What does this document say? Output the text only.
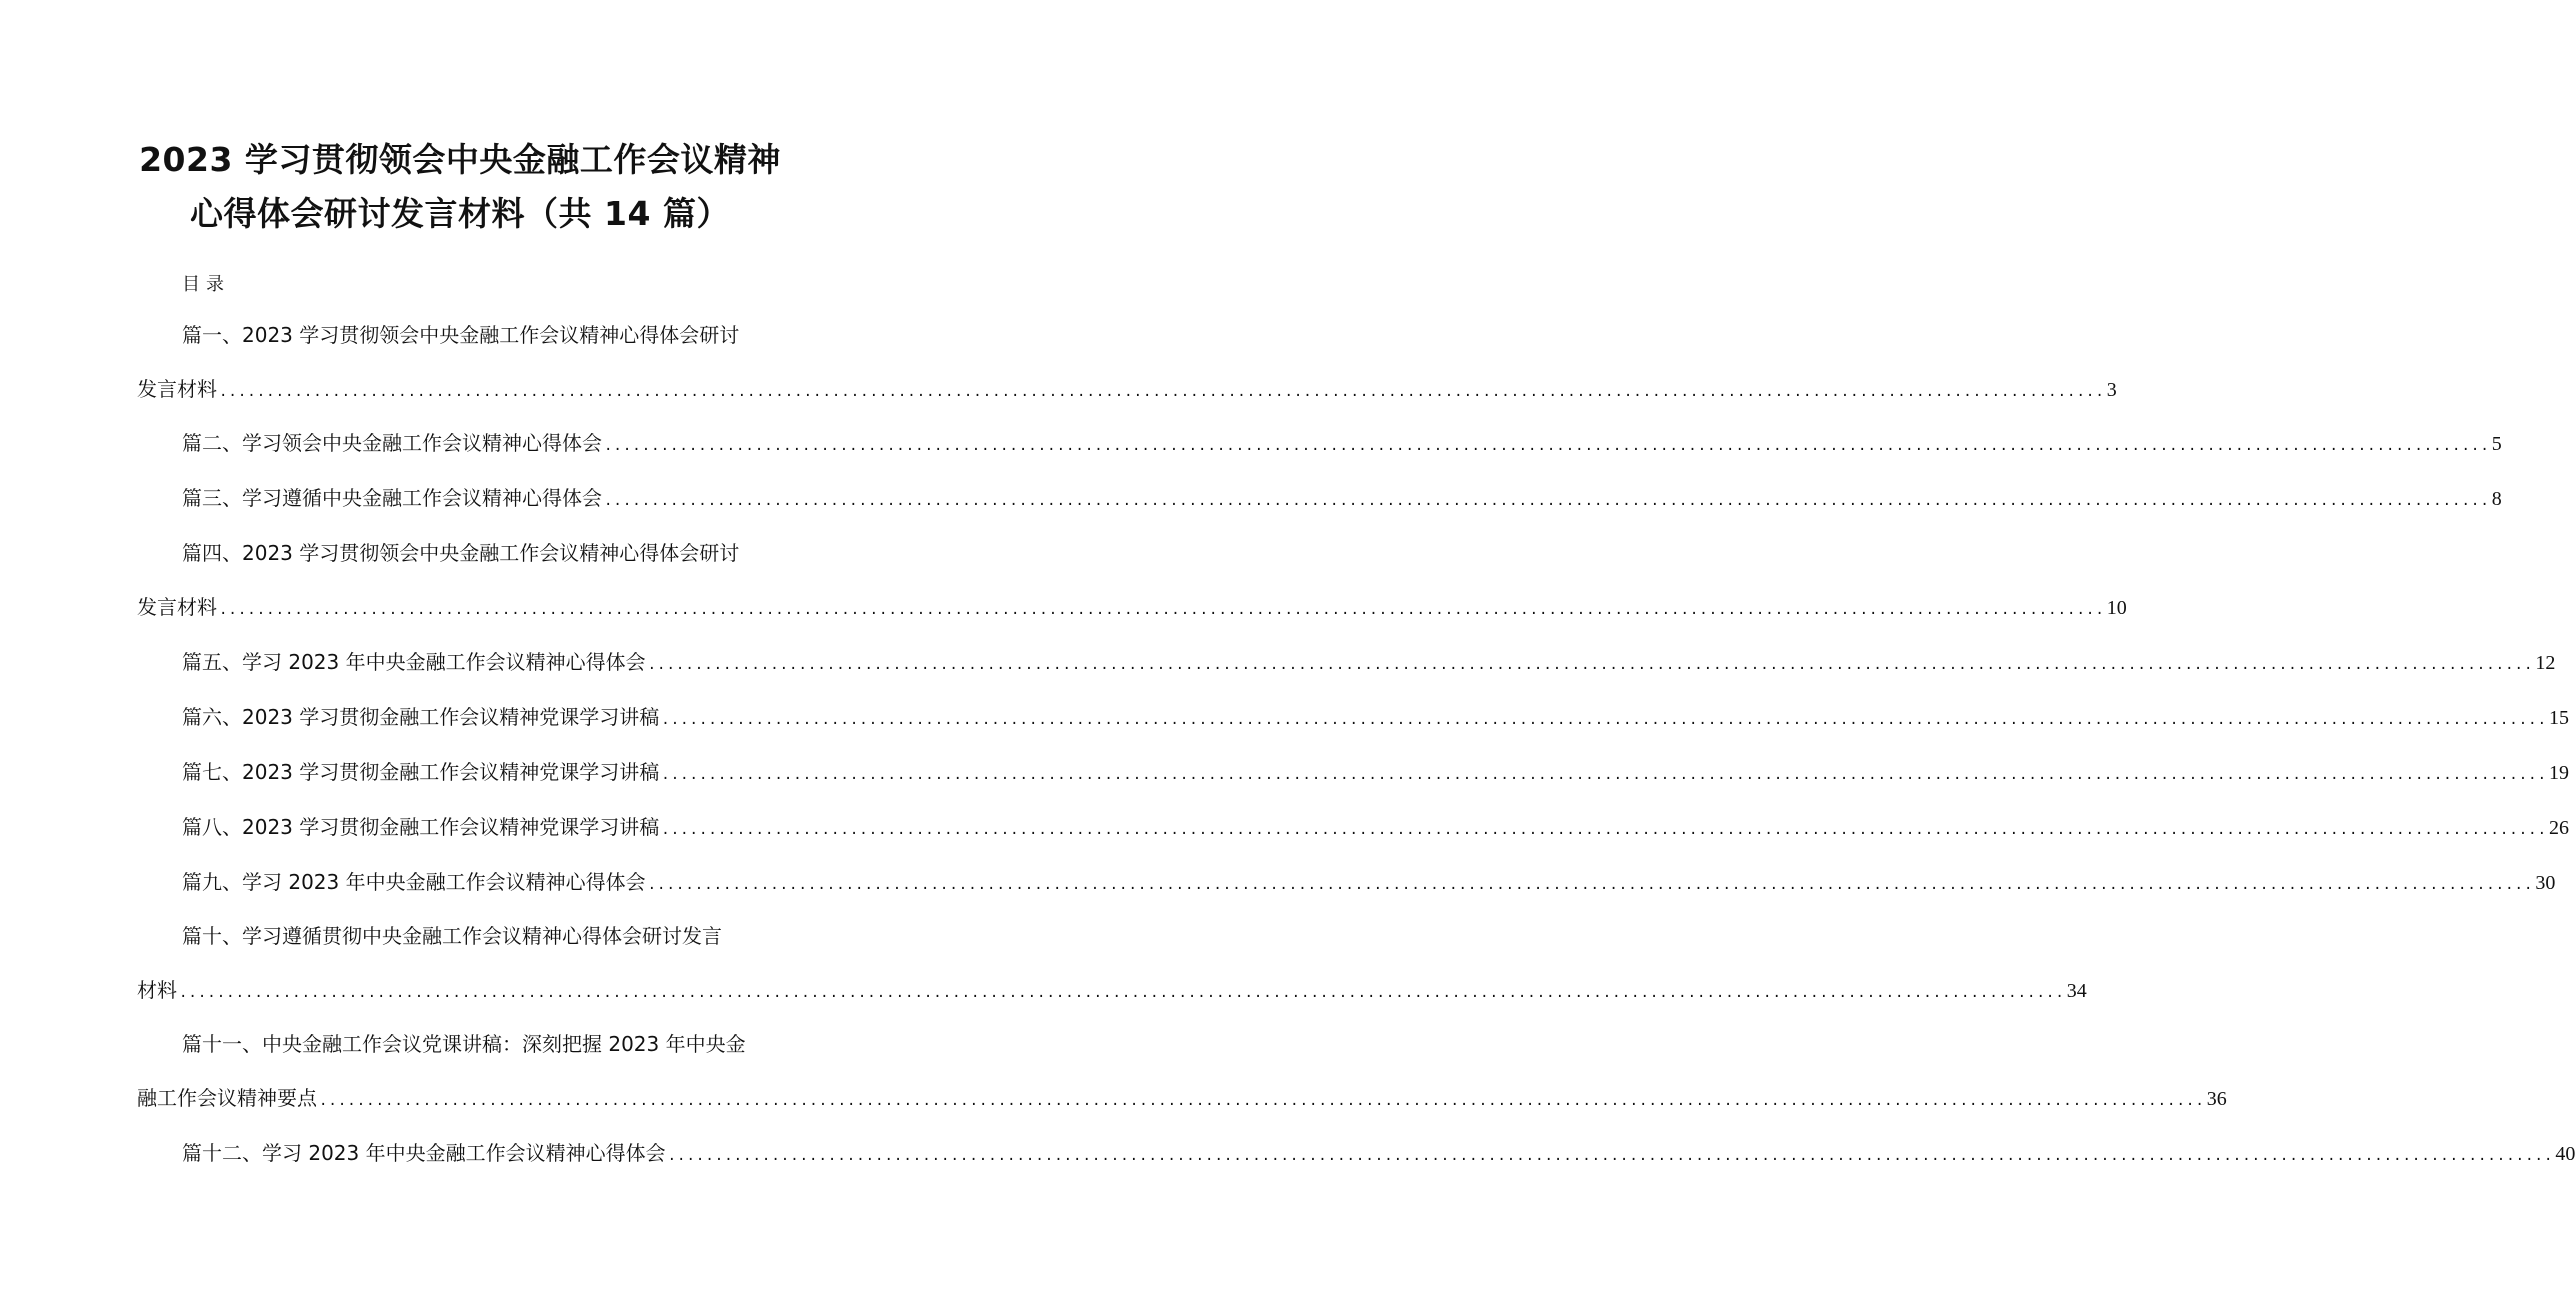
2023 学习贯彻领会中央金融工作会议精神
心得体会研讨发言材料（共 14 篇）
目录
篇一、2023 学习贯彻领会中央金融工作会议精神心得体会研讨
发言材料 ........................................................................................................................................................................................................ 3
篇二、学习领会中央金融工作会议精神心得体会 ........................................................................................................................................................................................................ 5
篇三、学习遵循中央金融工作会议精神心得体会 ........................................................................................................................................................................................................ 8
篇四、2023 学习贯彻领会中央金融工作会议精神心得体会研讨
发言材料 ........................................................................................................................................................................................................ 10
篇五、学习 2023 年中央金融工作会议精神心得体会 ........................................................................................................................................................................................................ 12
篇六、2023 学习贯彻金融工作会议精神党课学习讲稿 ........................................................................................................................................................................................................ 15
篇七、2023 学习贯彻金融工作会议精神党课学习讲稿 ........................................................................................................................................................................................................ 19
篇八、2023 学习贯彻金融工作会议精神党课学习讲稿 ........................................................................................................................................................................................................ 26
篇九、学习 2023 年中央金融工作会议精神心得体会 ........................................................................................................................................................................................................ 30
篇十、学习遵循贯彻中央金融工作会议精神心得体会研讨发言
材料 ........................................................................................................................................................................................................ 34
篇十一、中央金融工作会议党课讲稿：深刻把握 2023 年中央金
融工作会议精神要点 ........................................................................................................................................................................................................ 36
篇十二、学习 2023 年中央金融工作会议精神心得体会 ........................................................................................................................................................................................................ 40
